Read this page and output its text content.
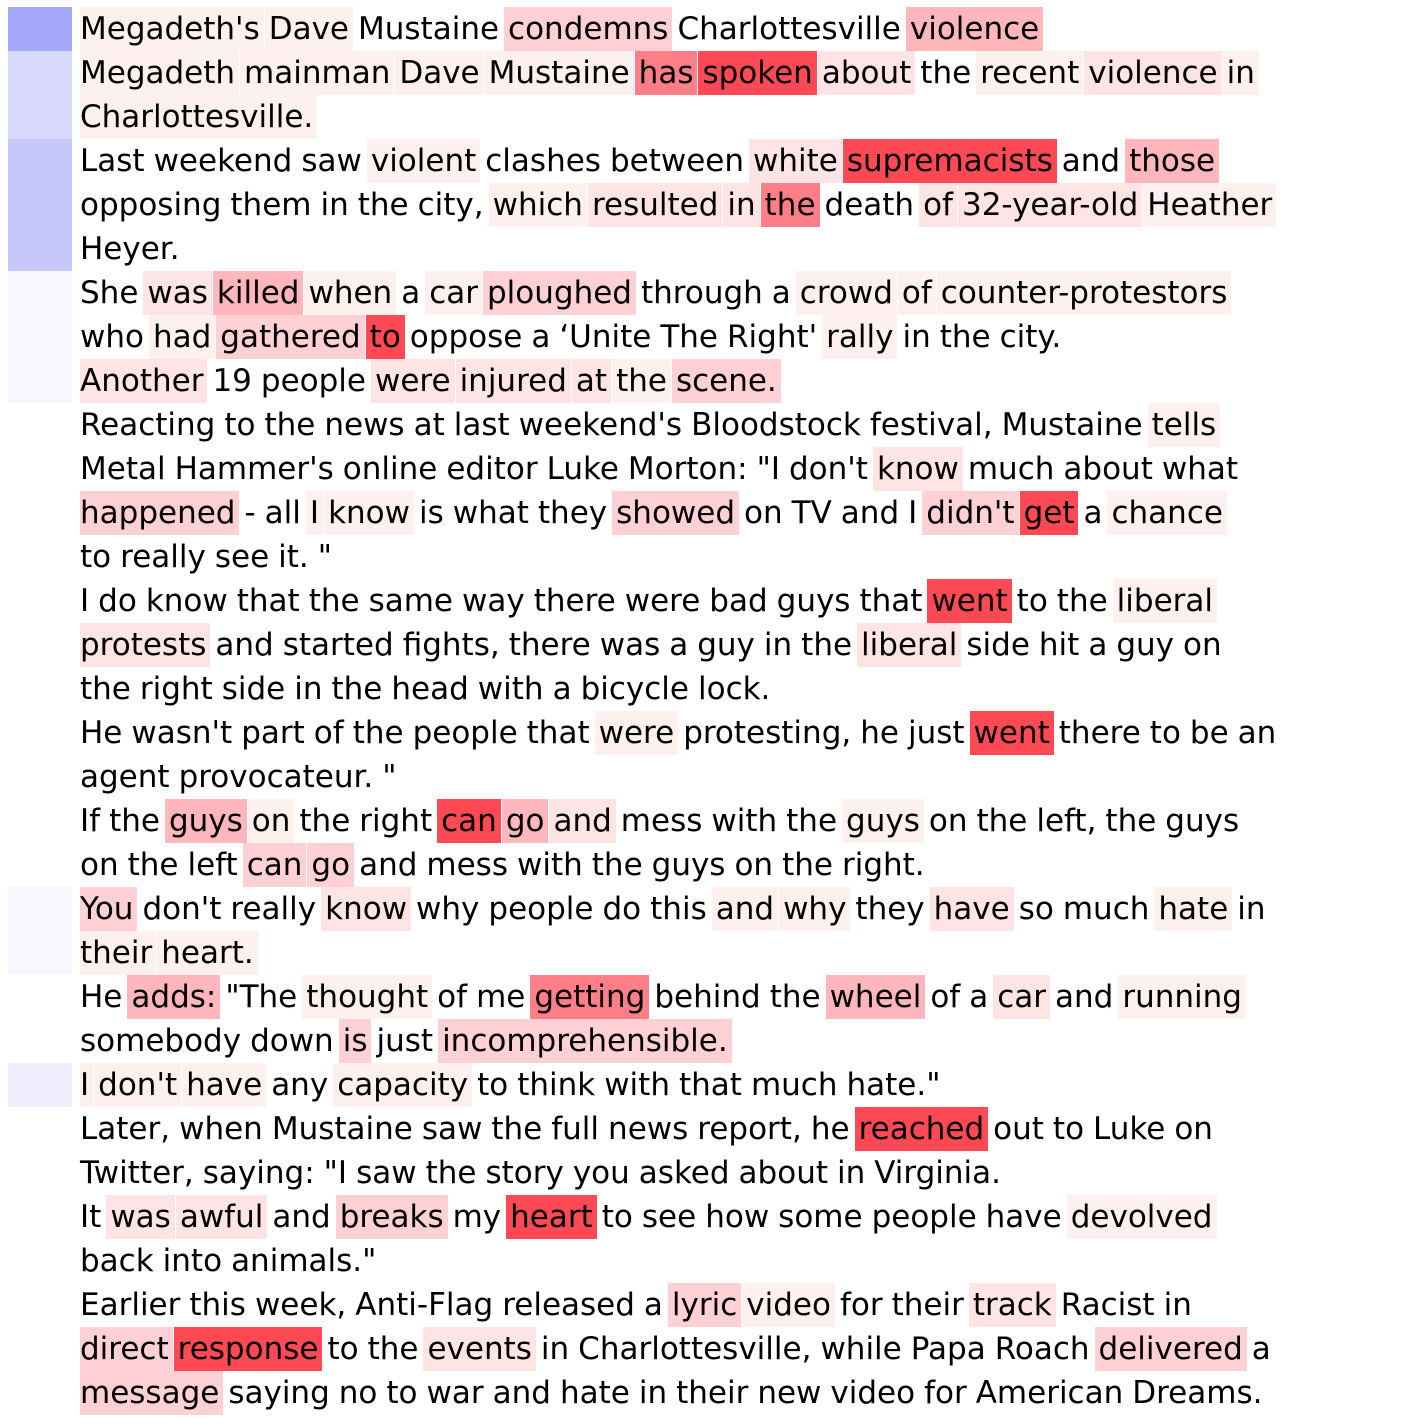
Megadeth's Dave Mustaine condemns Charlottesville violence
Megadeth mainman Dave Mustaine has spoken about the recent violence in
Charlottesville.
Last weekend saw violent clashes between white supremacists and those
opposing them in the city, which resulted in the death of 32-year-old Heather
Heyer.
She was killed when a car ploughed through a crowd of counter-protestors
who had gathered to oppose a ‘Unite The Right' rally in the city.
Another 19 people were injured at the scene.
Reacting to the news at last weekend's Bloodstock festival, Mustaine tells
Metal Hammer's online editor Luke Morton: "I don't know much about what
happened - all I know is what they showed on TV and I didn't get a chance
to really see it. "
I do know that the same way there were bad guys that went to the liberal
protests and started fights, there was a guy in the liberal side hit a guy on
the right side in the head with a bicycle lock.
He wasn't part of the people that were protesting, he just went there to be an
agent provocateur. "
If the guys on the right can go and mess with the guys on the left, the guys
on the left can go and mess with the guys on the right.
You don't really know why people do this and why they have so much hate in
their heart.
He adds: "The thought of me getting behind the wheel of a car and running
somebody down is just incomprehensible.
I don't have any capacity to think with that much hate."
Later, when Mustaine saw the full news report, he reached out to Luke on
Twitter, saying: "I saw the story you asked about in Virginia.
It was awful and breaks my heart to see how some people have devolved
back into animals."
Earlier this week, Anti-Flag released a lyric video for their track Racist in
direct response to the events in Charlottesville, while Papa Roach delivered a
message saying no to war and hate in their new video for American Dreams.
